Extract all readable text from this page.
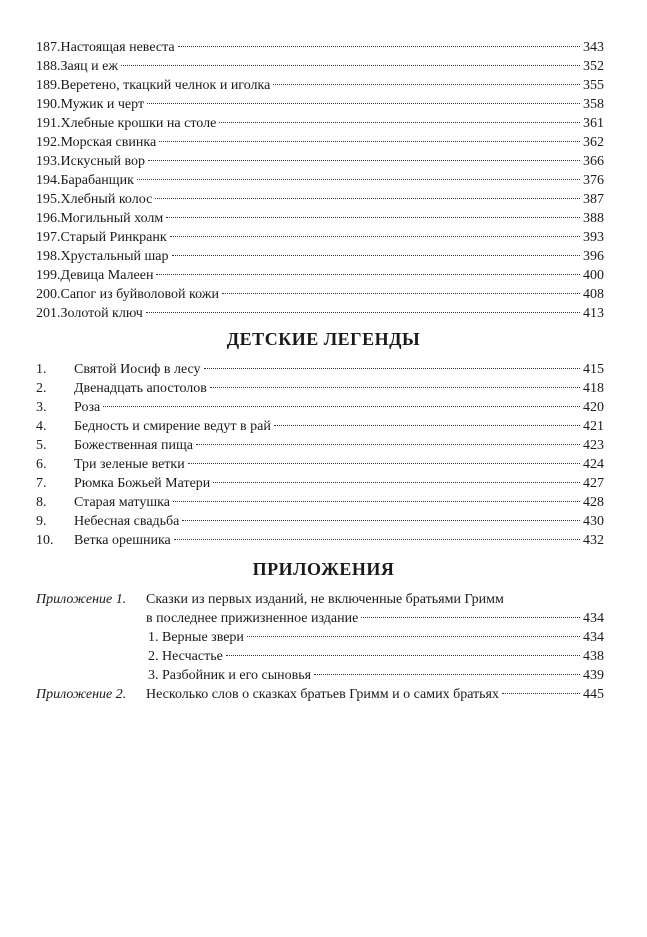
187. Настоящая невеста	343
188. Заяц и еж	352
189. Веретено, ткацкий челнок и иголка	355
190. Мужик и черт	358
191. Хлебные крошки на столе	361
192. Морская свинка	362
193. Искусный вор	366
194. Барабанщик	376
195. Хлебный колос	387
196. Могильный холм	388
197. Старый Ринкранк	393
198. Хрустальный шар	396
199. Девица Малеен	400
200. Сапог из буйволовой кожи	408
201. Золотой ключ	413
ДЕТСКИЕ ЛЕГЕНДЫ
1.	Святой Иосиф в лесу	415
2.	Двенадцать апостолов	418
3.	Роза	420
4.	Бедность и смирение ведут в рай	421
5.	Божественная пища	423
6.	Три зеленые ветки	424
7.	Рюмка Божьей Матери	427
8.	Старая матушка	428
9.	Небесная свадьба	430
10.	Ветка орешника	432
ПРИЛОЖЕНИЯ
Приложение 1.	Сказки из первых изданий, не включенные братьями Гримм
в последнее прижизненное издание	434
1. Верные звери	434
2. Несчастье	438
3. Разбойник и его сыновья	439
Приложение 2.	Несколько слов о сказках братьев Гримм и о самих братьях	445
